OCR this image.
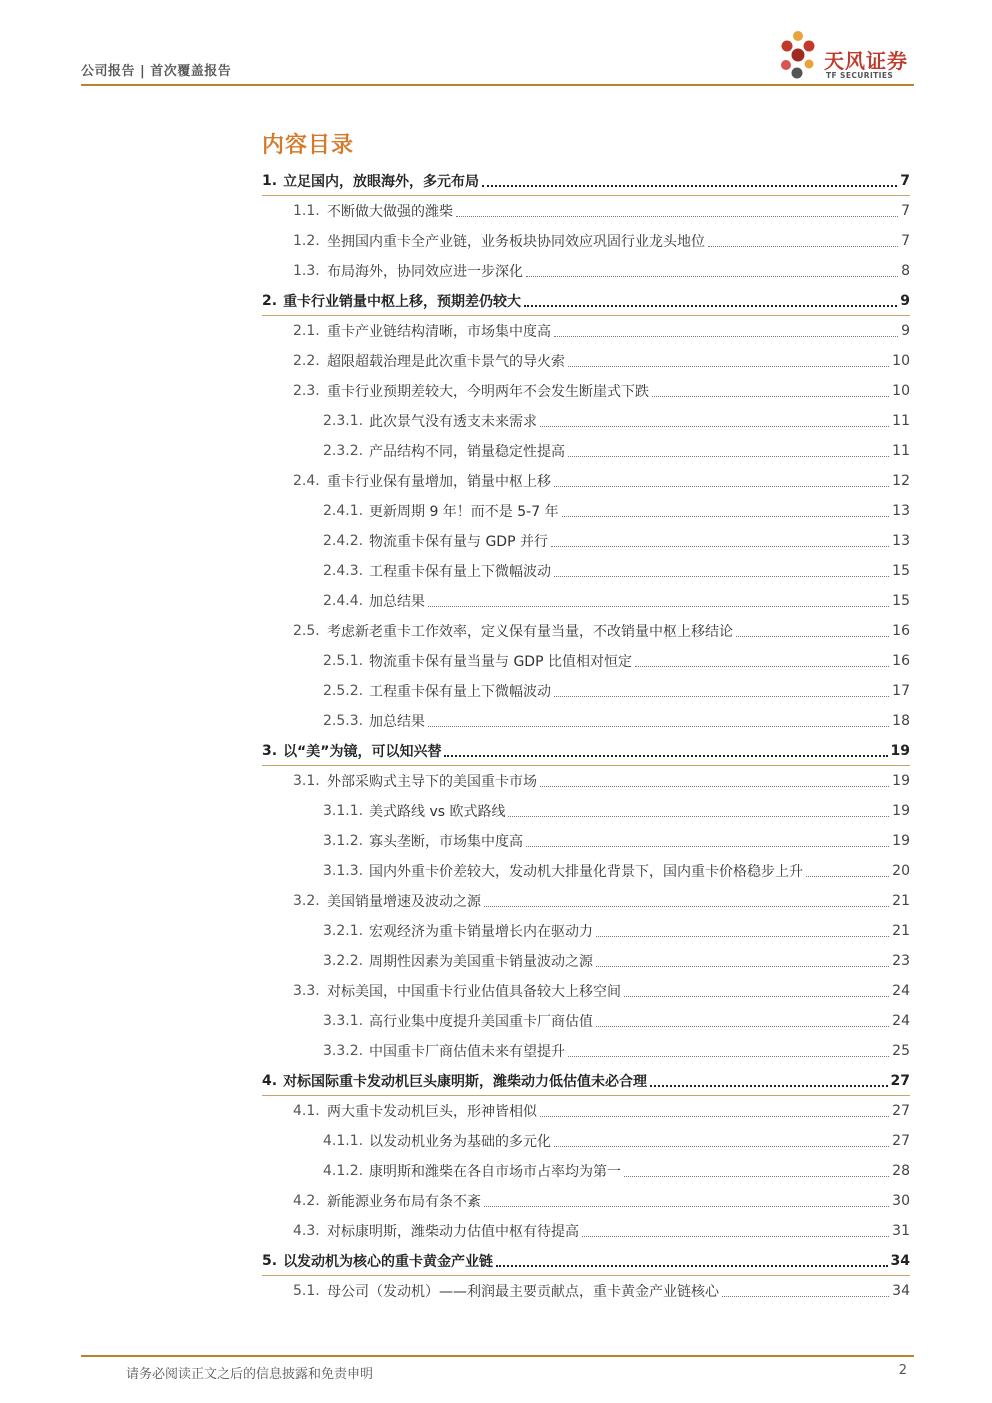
公司报告 | 首次覆盖报告	天风证券
TF SECURITIES
内容目录
1. 立足国内，放眼海外，多元布局	7
1.1. 不断做大做强的潍柴	7
1.2. 坐拥国内重卡全产业链，业务板块协同效应巩固行业龙头地位	7
1.3. 布局海外，协同效应进一步深化	8
2. 重卡行业销量中枢上移，预期差仍较大	9
2.1. 重卡产业链结构清晰，市场集中度高	9
2.2. 超限超载治理是此次重卡景气的导火索	10
2.3. 重卡行业预期差较大，今明两年不会发生断崖式下跌	10
2.3.1. 此次景气没有透支未来需求	11
2.3.2. 产品结构不同，销量稳定性提高	11
2.4. 重卡行业保有量增加，销量中枢上移	12
2.4.1. 更新周期 9 年！而不是 5-7 年	13
2.4.2. 物流重卡保有量与 GDP 并行	13
2.4.3. 工程重卡保有量上下微幅波动	15
2.4.4. 加总结果	15
2.5. 考虑新老重卡工作效率，定义保有量当量，不改销量中枢上移结论	16
2.5.1. 物流重卡保有量当量与 GDP 比值相对恒定	16
2.5.2. 工程重卡保有量上下微幅波动	17
2.5.3. 加总结果	18
3. 以“美”为镜，可以知兴替	19
3.1. 外部采购式主导下的美国重卡市场	19
3.1.1. 美式路线 vs 欧式路线	19
3.1.2. 寡头垄断，市场集中度高	19
3.1.3. 国内外重卡价差较大，发动机大排量化背景下，国内重卡价格稳步上升	20
3.2. 美国销量增速及波动之源	21
3.2.1. 宏观经济为重卡销量增长内在驱动力	21
3.2.2. 周期性因素为美国重卡销量波动之源	23
3.3. 对标美国，中国重卡行业估值具备较大上移空间	24
3.3.1. 高行业集中度提升美国重卡厂商估值	24
3.3.2. 中国重卡厂商估值未来有望提升	25
4. 对标国际重卡发动机巨头康明斯，潍柴动力低估值未必合理	27
4.1. 两大重卡发动机巨头，形神皆相似	27
4.1.1. 以发动机业务为基础的多元化	27
4.1.2. 康明斯和潍柴在各自市场市占率均为第一	28
4.2. 新能源业务布局有条不紊	30
4.3. 对标康明斯，潍柴动力估值中枢有待提高	31
5. 以发动机为核心的重卡黄金产业链	34
5.1. 母公司（发动机）——利润最主要贡献点，重卡黄金产业链核心	34
请务必阅读正文之后的信息披露和免责申明	2
